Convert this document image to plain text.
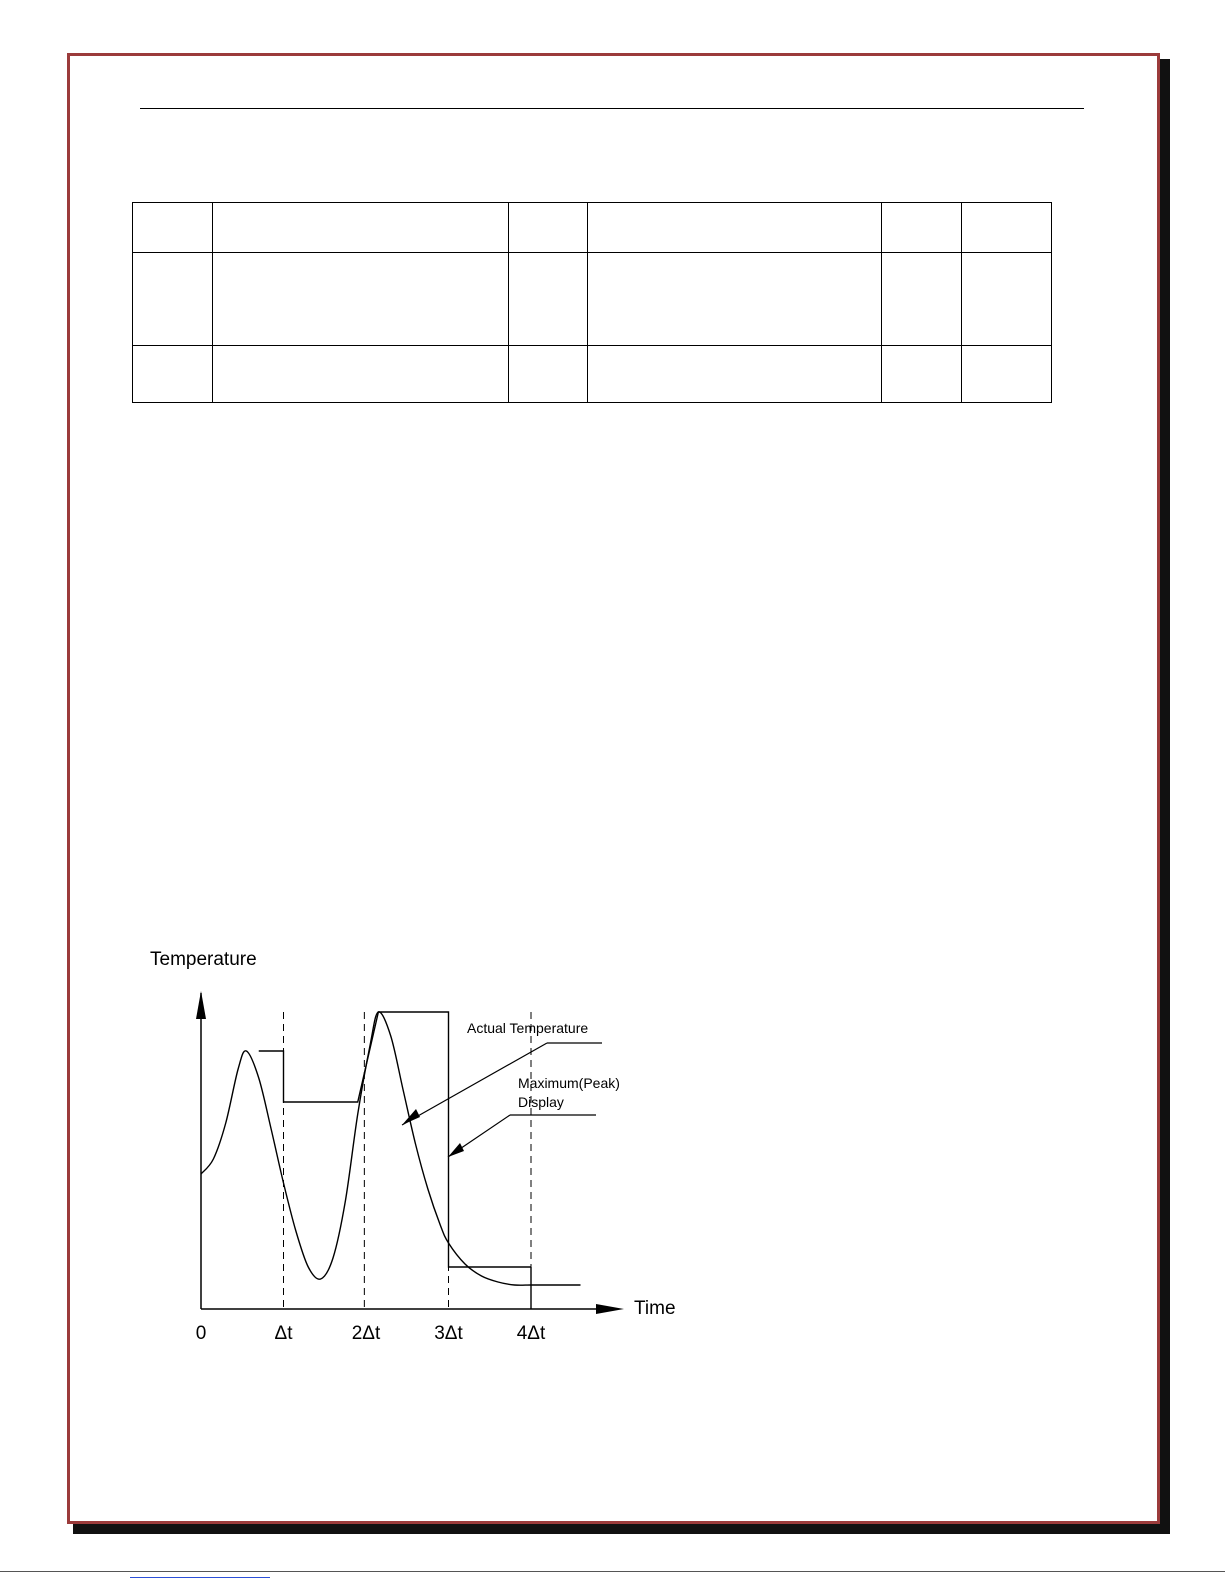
Temperature
Time
0	Δt	2Δt	3Δt	4Δt
Actual Temperature
Maximum(Peak)
Display
